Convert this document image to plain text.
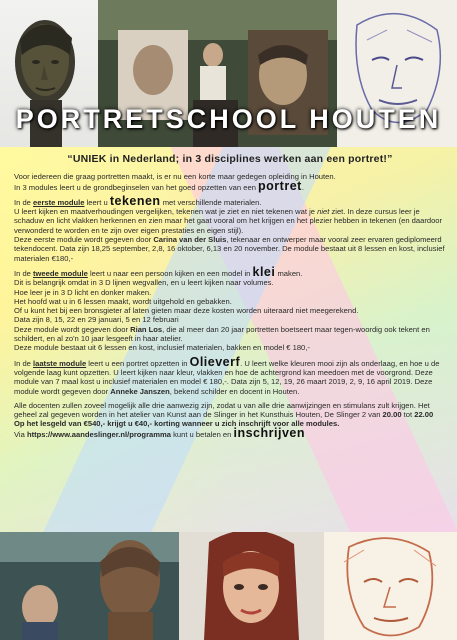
PORTRETSCHOOL HOUTEN
“UNIEK in Nederland; in 3 disciplines werken aan een portret!”

Voor iedereen die graag portretten maakt, is er nu een korte maar gedegen opleiding in Houten.
In 3 modules leert u de grondbeginselen van het goed opzetten van een portret.

In de eerste module leert u tekenen met verschillende materialen.
U leert kijken en maatverhoudingen vergelijken, tekenen wat je ziet en niet tekenen wat je niet ziet. In deze cursus leer je schaduw en licht vlakken herkennen en zien maar het gaat vooral om het krijgen en het plezier hebben in tekenen (en daardoor verwonderd te worden en te zijn over eigen prestaties en eigen stijl).
Deze eerste module wordt gegeven door Carina van der Sluis, tekenaar en ontwerper maar vooral zeer ervaren gediplomeerd tekendocent. Data zijn 18,25 september, 2,8, 16 oktober, 6,13 en 20 november. De module bestaat uit 8 lessen en kost, inclusief materialen €180,-

In de tweede module leert u naar een persoon kijken en een model in klei maken.
Dit is belangrijk omdat in 3 D lijnen wegvallen, en u leert kijken naar volumes.
Hoe leer je in 3 D licht en donker maken.
Het hoofd wat u in 6 lessen maakt, wordt uitgehold en gebakken.
Of u kunt het bij een bronsgieter af laten gieten maar deze kosten worden uiteraard niet meegerekend.
Data zijn 8, 15, 22 en 29 januari, 5 en 12 februari
Deze module wordt gegeven door Rian Los, die al meer dan 20 jaar portretten boetseert maar tegen-woordig ook tekent en schildert, en al zo'n 10 jaar lesgeeft in haar atelier.
Deze module bestaat uit 6 lessen en kost, inclusief materialen, bakken en model € 180,-

In de laatste module leert u een portret opzetten in Olieverf. U leert welke kleuren mooi zijn als onderlaag, en hoe u de volgende laag kunt opzetten. U leert kijken naar kleur, vlakken en hoe de achtergrond kan meedoen met de voorgrond. Deze module van 7 maal kost u inclusief materialen en model € 180,-. Data zijn 5, 12, 19, 26 maart 2019, 2, 9, 16 april 2019. Deze module wordt gegeven door Anneke Janszen, bekend schilder en docent in Houten.

Alle docenten zullen zoveel mogelijk alle drie aanwezig zijn, zodat u van alle drie aanwijzingen en stimulans zult krijgen. Het geheel zal gegeven worden in het atelier van Kunst aan de Slinger in het Kunsthuis Houten, De Slinger 2 van 20.00 tot 22.00
Op het lesgeld van €540,- krijgt u €40,- korting wanneer u zich inschrijft voor alle modules.
Via https://www.aandeslinger.nl/programma kunt u betalen en inschrijven
